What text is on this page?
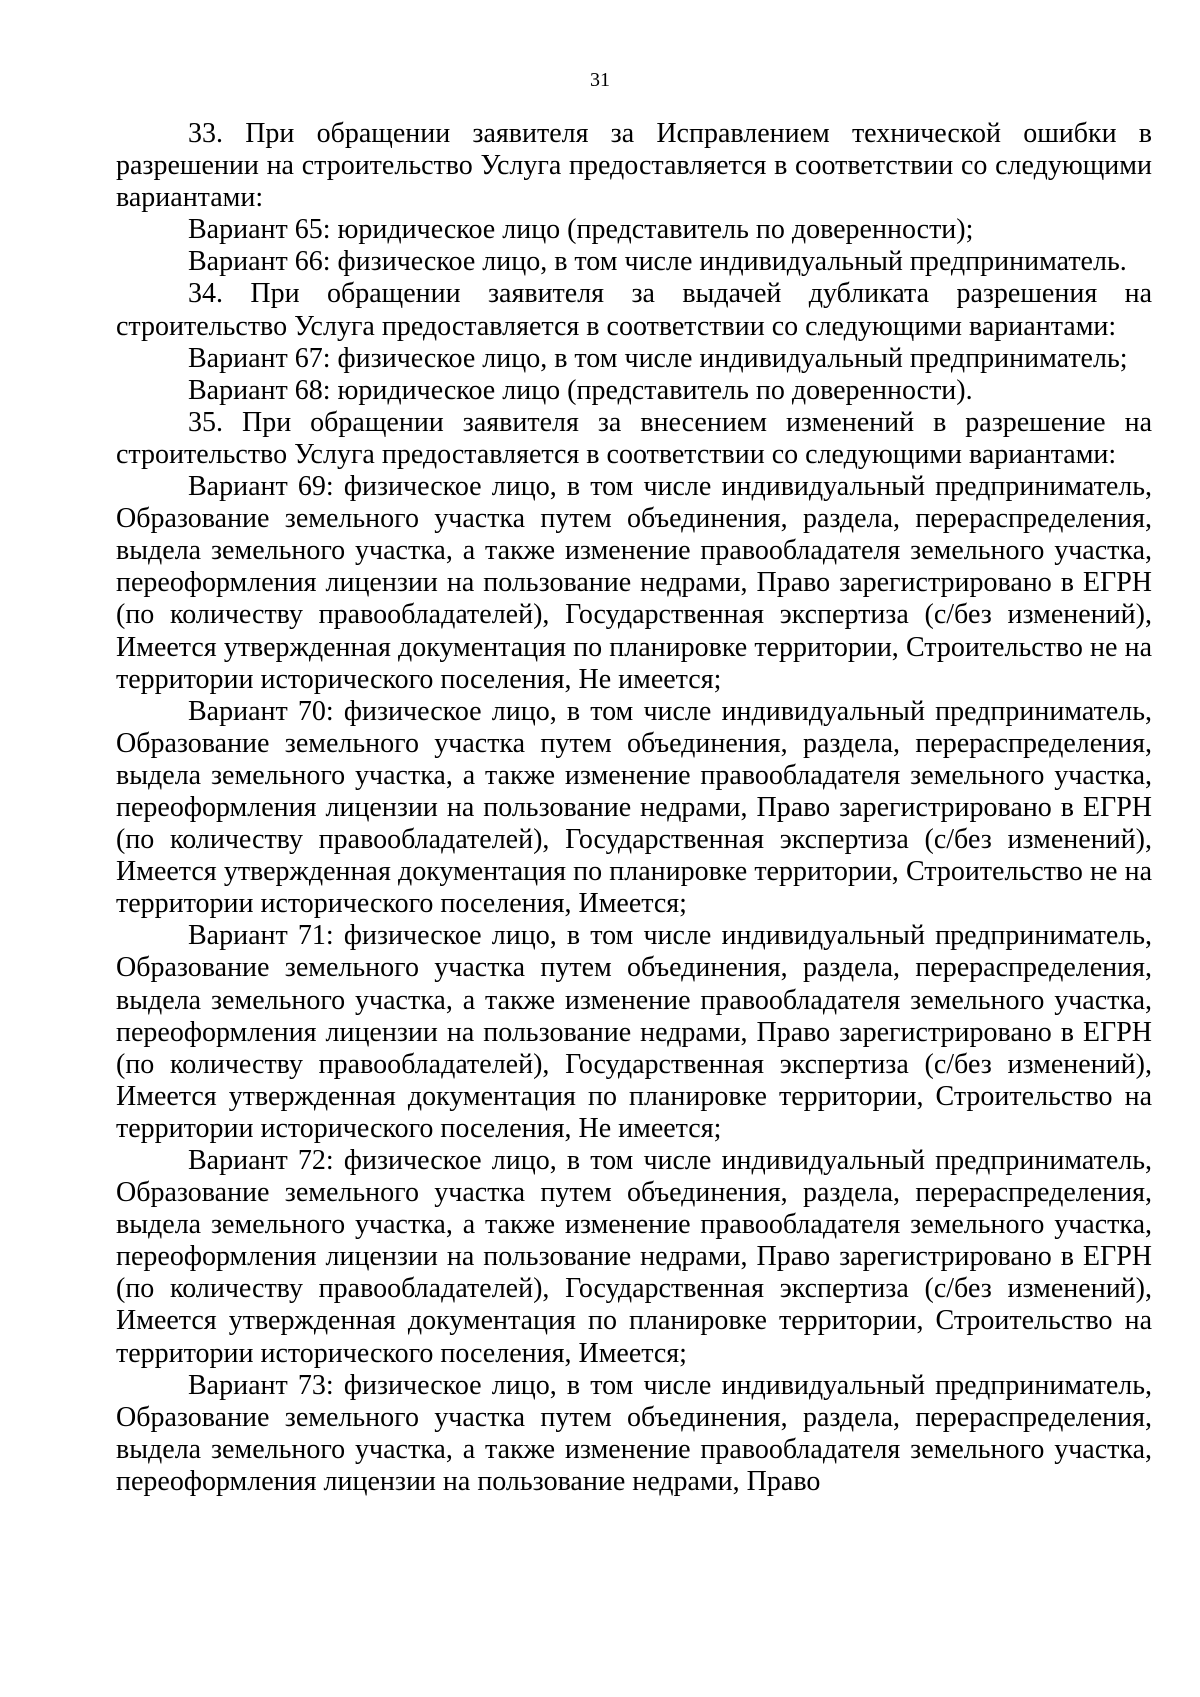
31

33. При обращении заявителя за Исправлением технической ошибки в разрешении на строительство Услуга предоставляется в соответствии со следующими вариантами:

Вариант 65: юридическое лицо (представитель по доверенности);

Вариант 66: физическое лицо, в том числе индивидуальный предприниматель.

34. При обращении заявителя за выдачей дубликата разрешения на строительство Услуга предоставляется в соответствии со следующими вариантами:

Вариант 67: физическое лицо, в том числе индивидуальный предприниматель;

Вариант 68: юридическое лицо (представитель по доверенности).

35. При обращении заявителя за внесением изменений в разрешение на строительство Услуга предоставляется в соответствии со следующими вариантами:

Вариант 69: физическое лицо, в том числе индивидуальный предприниматель, Образование земельного участка путем объединения, раздела, перераспределения, выдела земельного участка, а также изменение правообладателя земельного участка, переоформления лицензии на пользование недрами, Право зарегистрировано в ЕГРН (по количеству правообладателей), Государственная экспертиза (с/без изменений), Имеется утвержденная документация по планировке территории, Строительство не на территории исторического поселения, Не имеется;

Вариант 70: физическое лицо, в том числе индивидуальный предприниматель, Образование земельного участка путем объединения, раздела, перераспределения, выдела земельного участка, а также изменение правообладателя земельного участка, переоформления лицензии на пользование недрами, Право зарегистрировано в ЕГРН (по количеству правообладателей), Государственная экспертиза (с/без изменений), Имеется утвержденная документация по планировке территории, Строительство не на территории исторического поселения, Имеется;

Вариант 71: физическое лицо, в том числе индивидуальный предприниматель, Образование земельного участка путем объединения, раздела, перераспределения, выдела земельного участка, а также изменение правообладателя земельного участка, переоформления лицензии на пользование недрами, Право зарегистрировано в ЕГРН (по количеству правообладателей), Государственная экспертиза (с/без изменений), Имеется утвержденная документация по планировке территории, Строительство на территории исторического поселения, Не имеется;

Вариант 72: физическое лицо, в том числе индивидуальный предприниматель, Образование земельного участка путем объединения, раздела, перераспределения, выдела земельного участка, а также изменение правообладателя земельного участка, переоформления лицензии на пользование недрами, Право зарегистрировано в ЕГРН (по количеству правообладателей), Государственная экспертиза (с/без изменений), Имеется утвержденная документация по планировке территории, Строительство на территории исторического поселения, Имеется;

Вариант 73: физическое лицо, в том числе индивидуальный предприниматель, Образование земельного участка путем объединения, раздела, перераспределения, выдела земельного участка, а также изменение правообладателя земельного участка, переоформления лицензии на пользование недрами, Право
